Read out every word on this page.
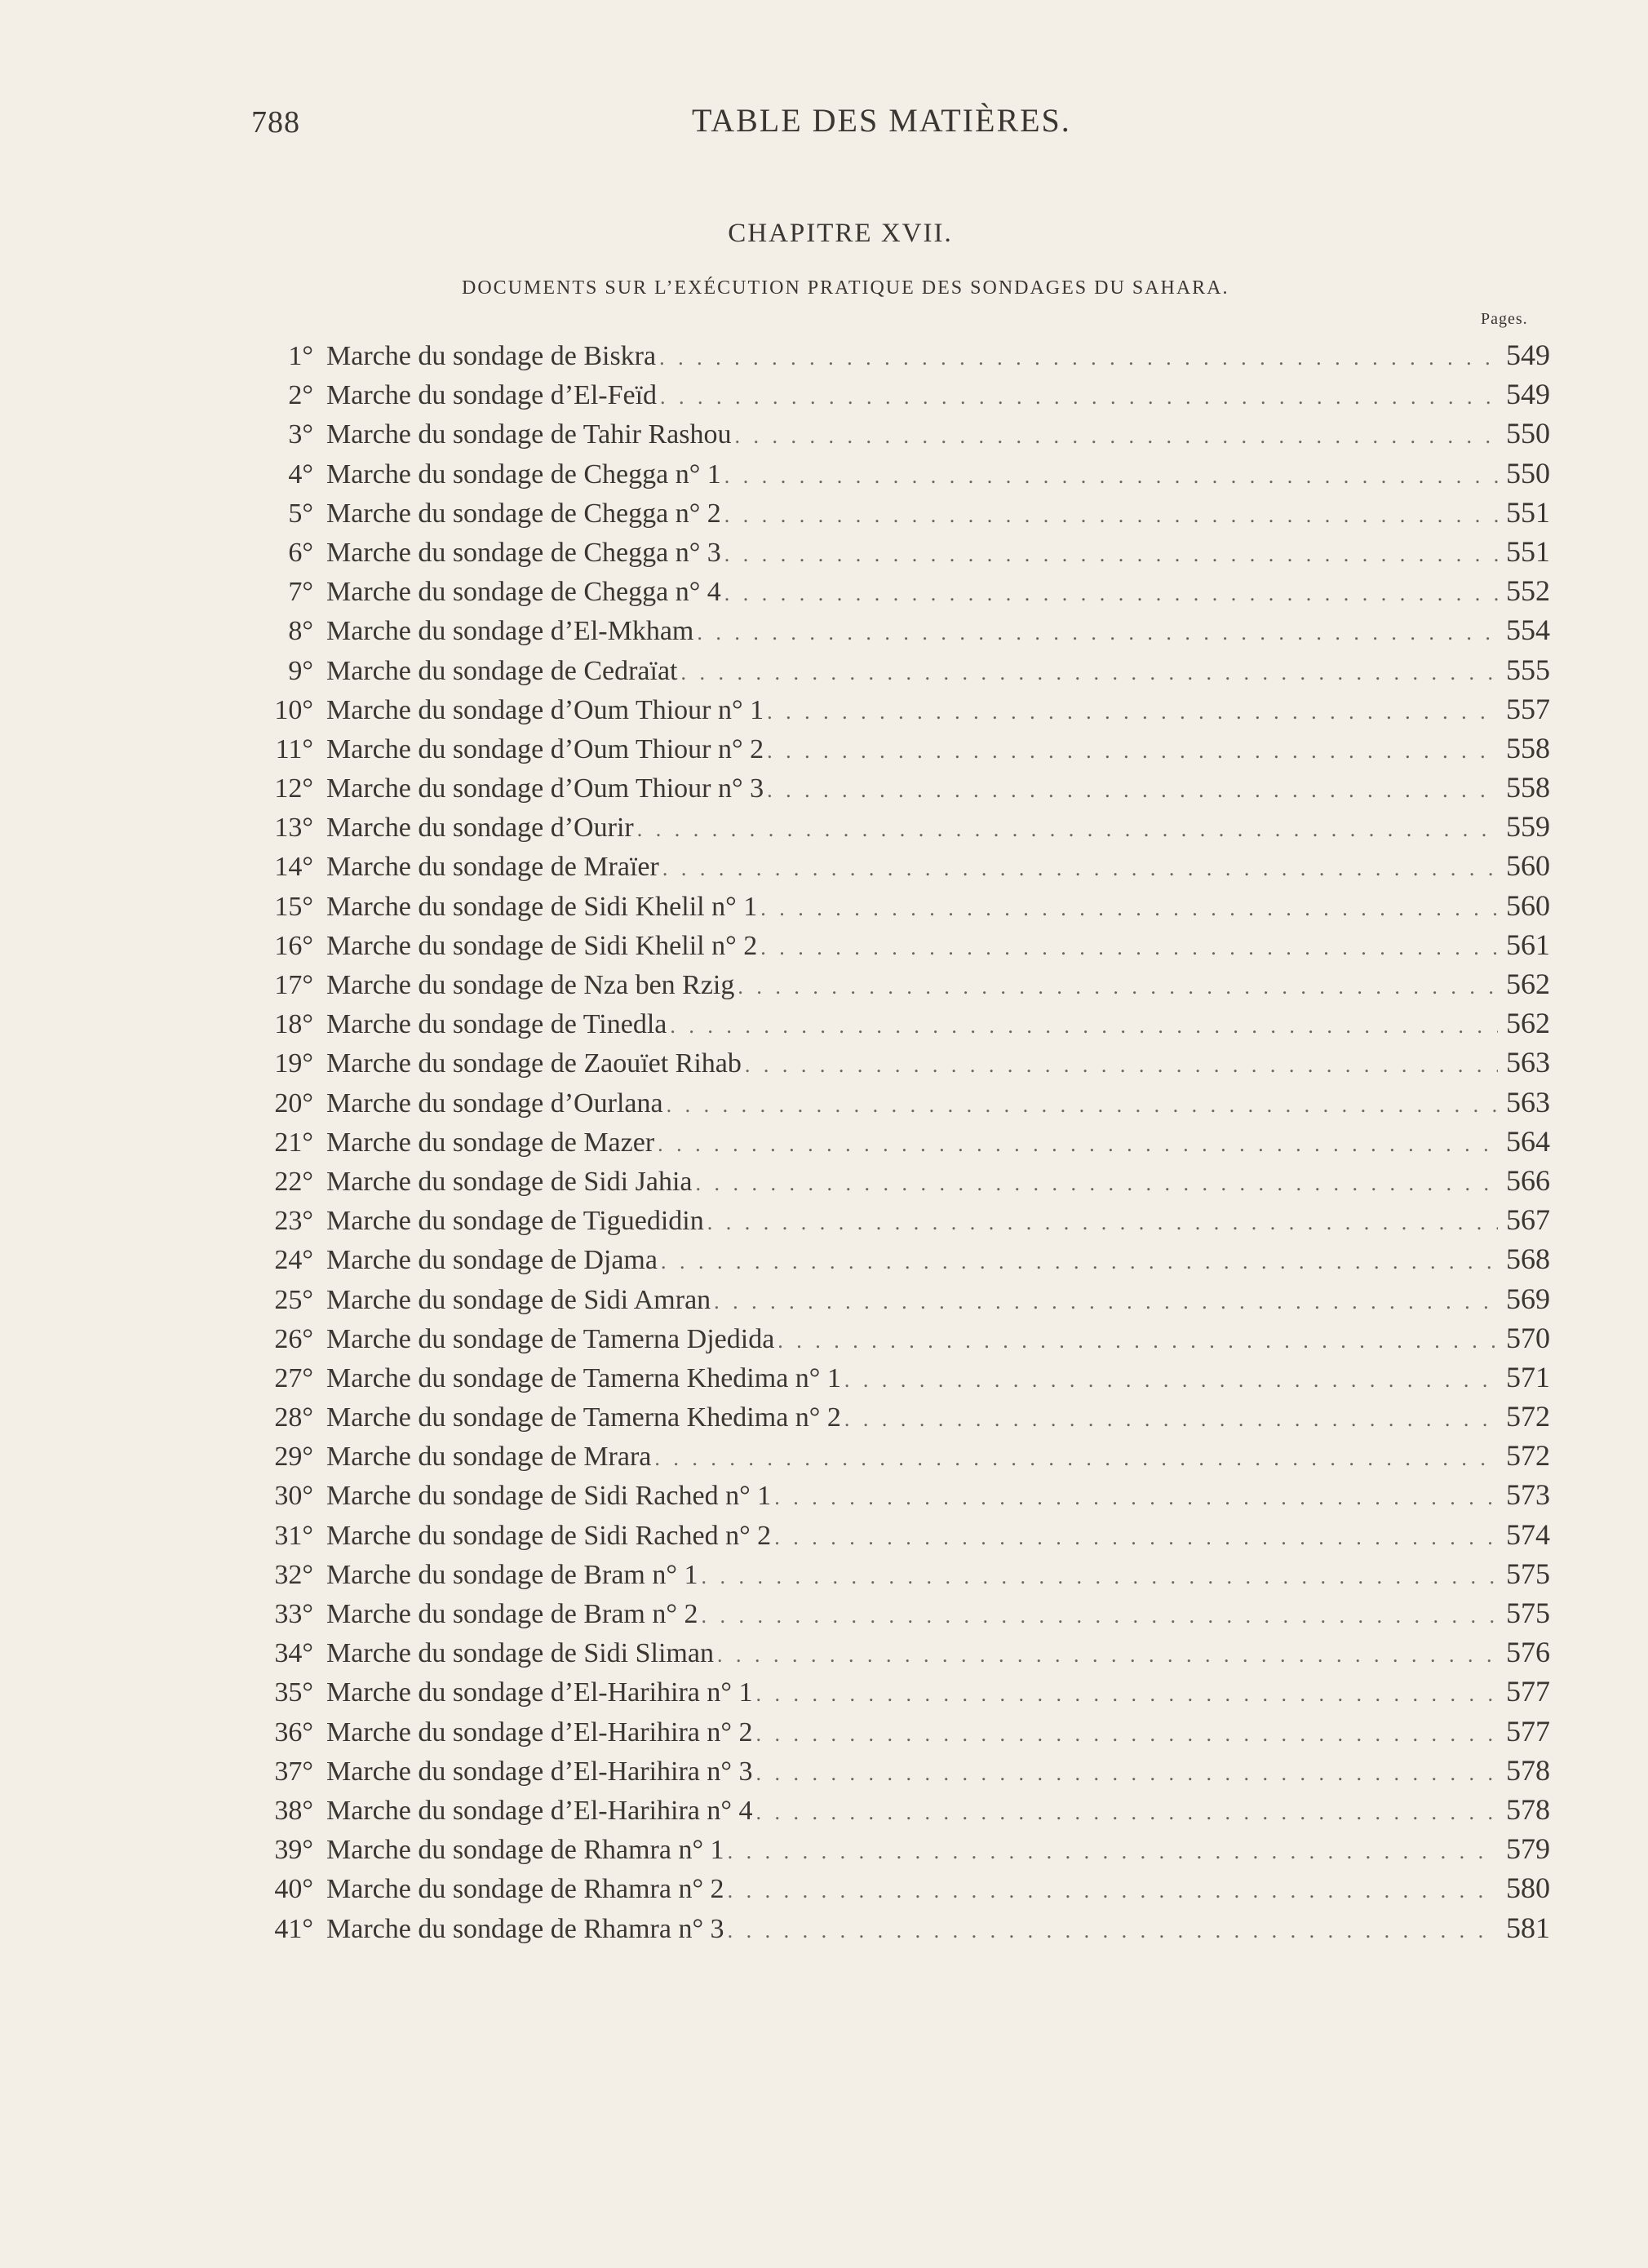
788	TABLE DES MATIÈRES.
CHAPITRE XVII.
DOCUMENTS SUR L’EXÉCUTION PRATIQUE DES SONDAGES DU SAHARA.
Pages.
1° Marche du sondage de Biskra . . .	549
2° Marche du sondage d’El-Feïd . . .	549
3° Marche du sondage de Tahir Rashou . . .	550
4° Marche du sondage de Chegga n° 1 . . .	550
5° Marche du sondage de Chegga n° 2 . . .	551
6° Marche du sondage de Chegga n° 3 . . .	551
7° Marche du sondage de Chegga n° 4 . . .	552
8° Marche du sondage d’El-Mkham . . .	554
9° Marche du sondage de Cedraïat . . .	555
10° Marche du sondage d’Oum Thiour n° 1 . . .	557
11° Marche du sondage d’Oum Thiour n° 2 . . .	558
12° Marche du sondage d’Oum Thiour n° 3 . . .	558
13° Marche du sondage d’Ourir . . .	559
14° Marche du sondage de Mraïer . . .	560
15° Marche du sondage de Sidi Khelil n° 1 . . .	560
16° Marche du sondage de Sidi Khelil n° 2 . . .	561
17° Marche du sondage de Nza ben Rzig . . .	562
18° Marche du sondage de Tinedla . . .	562
19° Marche du sondage de Zaouïet Rihab . . .	563
20° Marche du sondage d’Ourlana . . .	563
21° Marche du sondage de Mazer . . .	564
22° Marche du sondage de Sidi Jahia . . .	566
23° Marche du sondage de Tiguedidin . . .	567
24° Marche du sondage de Djama . . .	568
25° Marche du sondage de Sidi Amran . . .	569
26° Marche du sondage de Tamerna Djedida . . .	570
27° Marche du sondage de Tamerna Khedima n° 1 . . .	571
28° Marche du sondage de Tamerna Khedima n° 2 . . .	572
29° Marche du sondage de Mrara . . .	572
30° Marche du sondage de Sidi Rached n° 1 . . .	573
31° Marche du sondage de Sidi Rached n° 2 . . .	574
32° Marche du sondage de Bram n° 1 . . .	575
33° Marche du sondage de Bram n° 2 . . .	575
34° Marche du sondage de Sidi Sliman . . .	576
35° Marche du sondage d’El-Harihira n° 1 . . .	577
36° Marche du sondage d’El-Harihira n° 2 . . .	577
37° Marche du sondage d’El-Harihira n° 3 . . .	578
38° Marche du sondage d’El-Harihira n° 4 . . .	578
39° Marche du sondage de Rhamra n° 1 . . .	579
40° Marche du sondage de Rhamra n° 2 . . .	580
41° Marche du sondage de Rhamra n° 3 . . .	581
